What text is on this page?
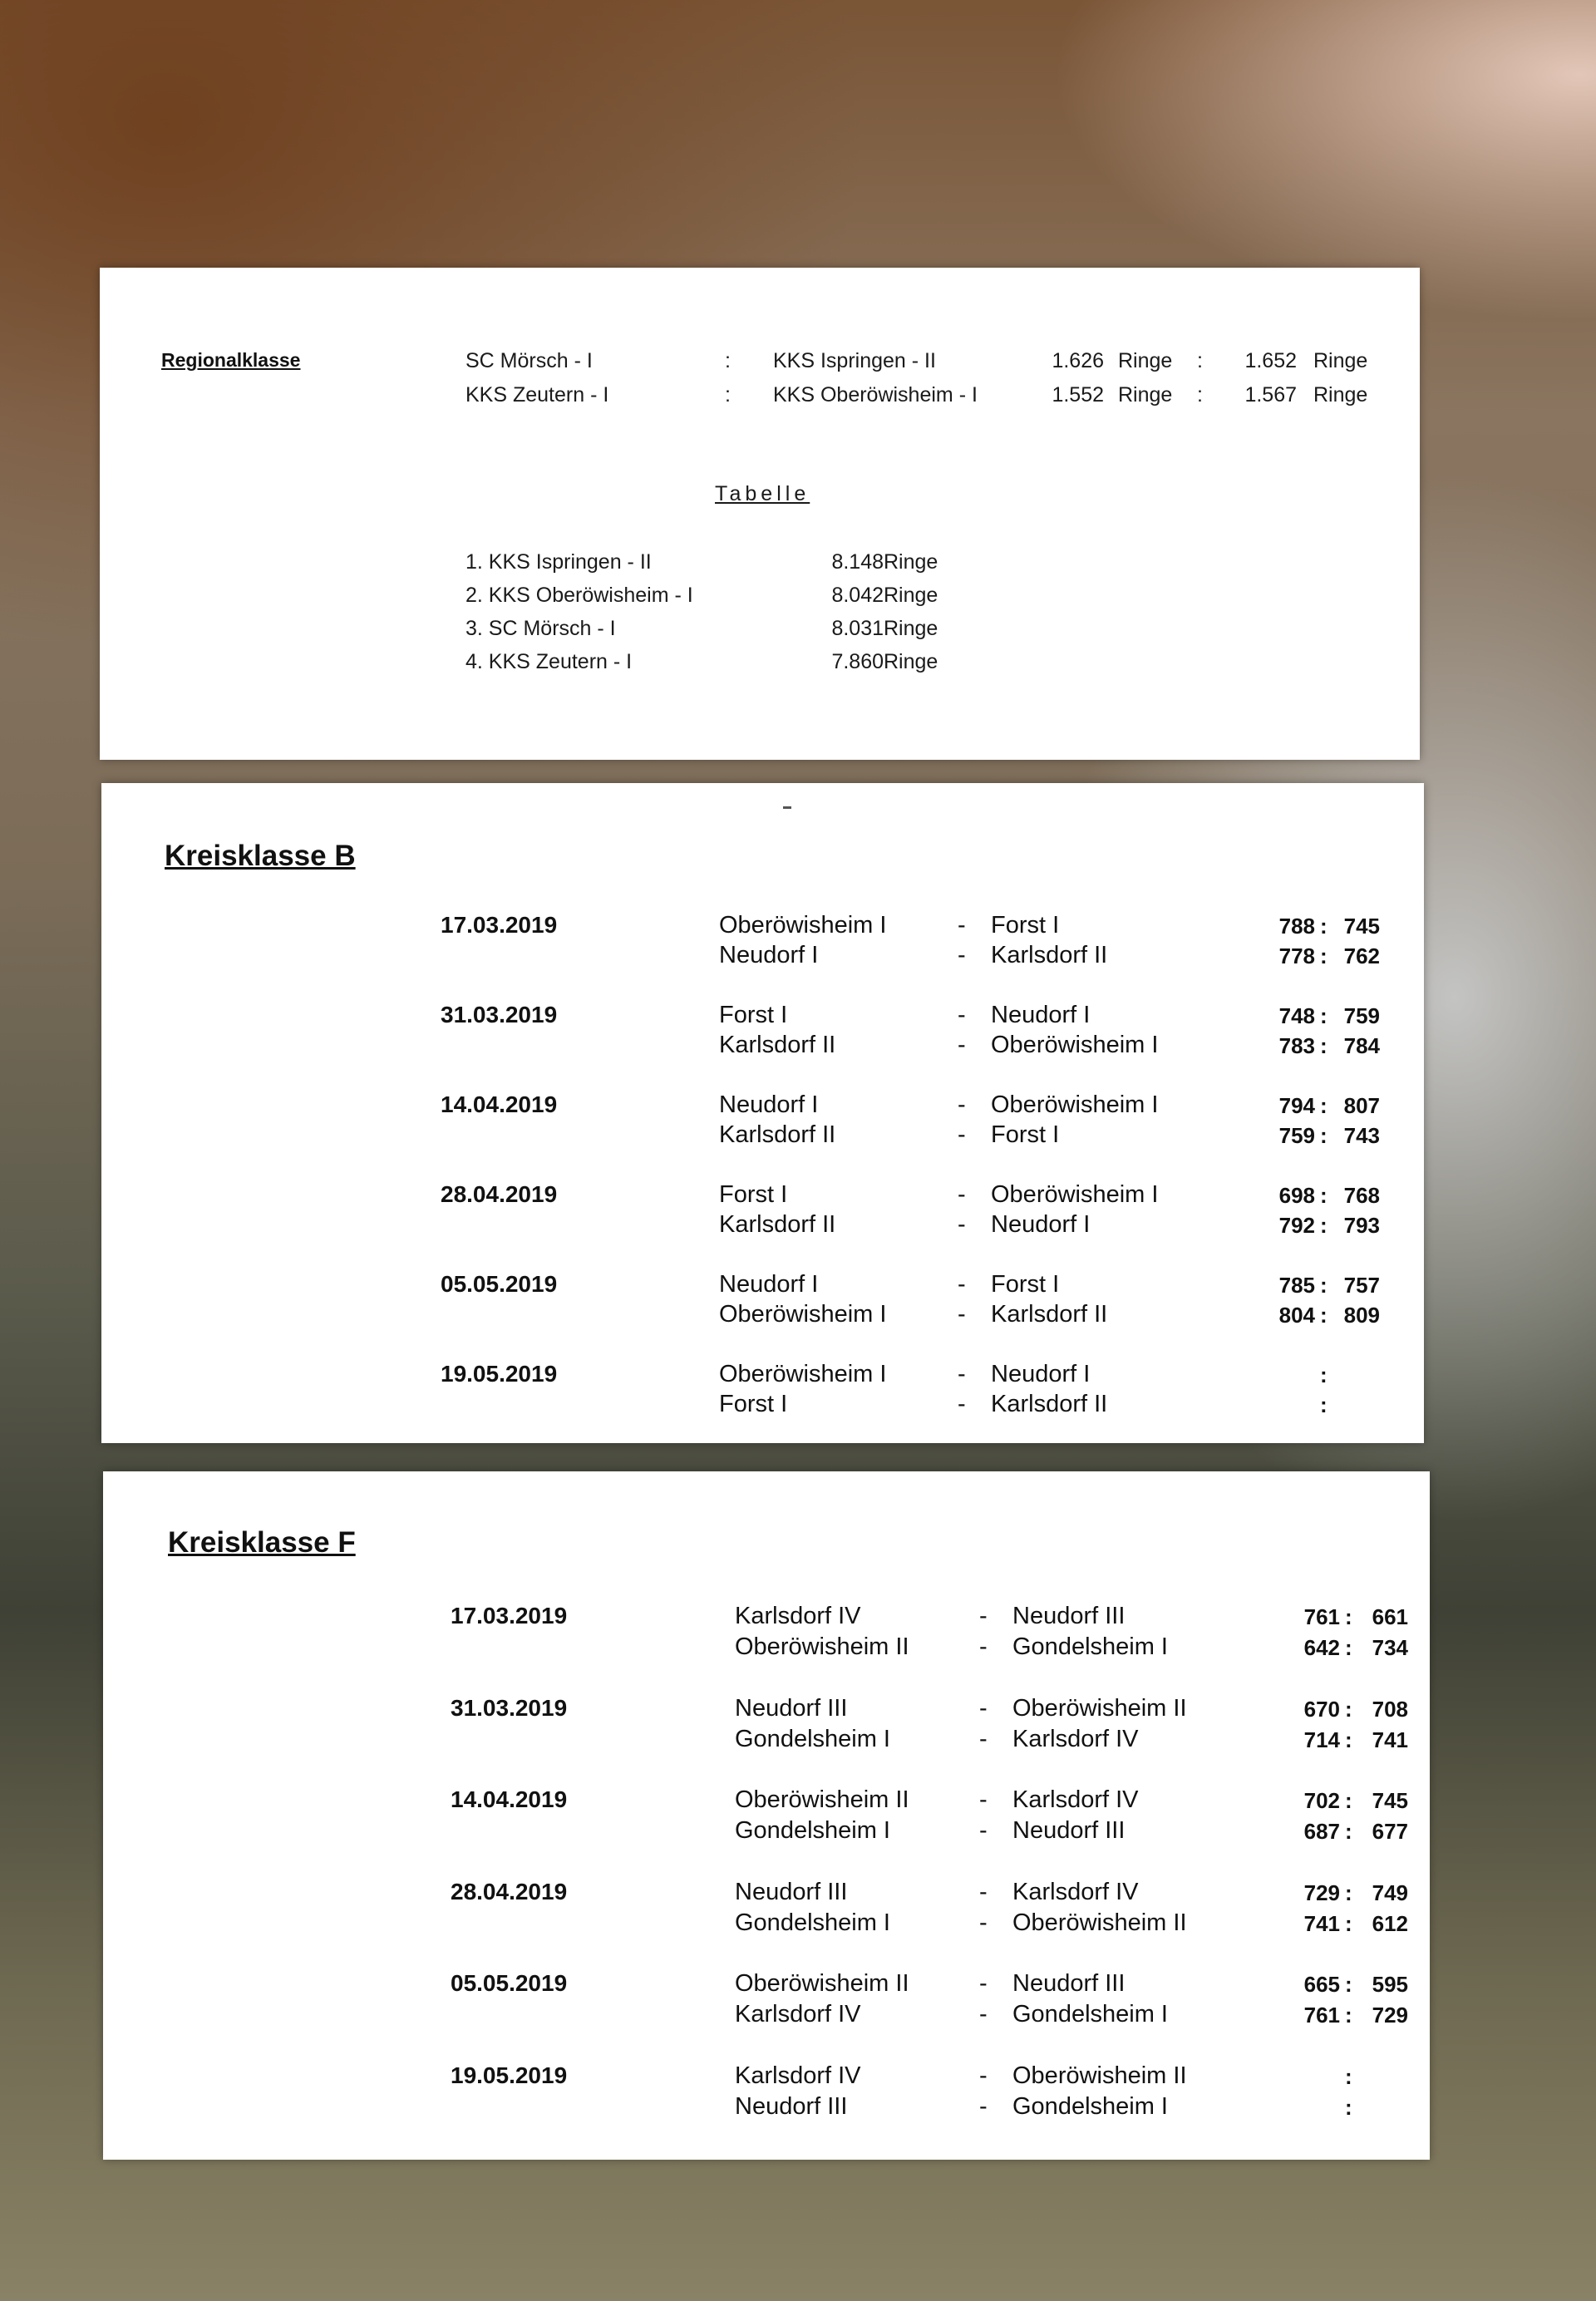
Regionalklasse	SC Mörsch - I	: KKS Ispringen - II	1.626 Ringe :	1.652 Ringe
KKS Zeutern - I	: KKS Oberöwisheim - I	1.552 Ringe :	1.567 Ringe
Tabelle
1. KKS Ispringen - II	8.148 Ringe
2. KKS Oberöwisheim - I	8.042 Ringe
3. SC Mörsch - I	8.031 Ringe
4. KKS Zeutern - I	7.860 Ringe
Kreisklasse B
17.03.2019	Oberöwisheim I	- Forst I	788 : 745
Neudorf I	- Karlsdorf II	778 : 762
31.03.2019	Forst I	- Neudorf I	748 : 759
Karlsdorf II	- Oberöwisheim I	783 : 784
14.04.2019	Neudorf I	- Oberöwisheim I	794 : 807
Karlsdorf II	- Forst I	759 : 743
28.04.2019	Forst I	- Oberöwisheim I	698 : 768
Karlsdorf II	- Neudorf I	792 : 793
05.05.2019	Neudorf I	- Forst I	785 : 757
Oberöwisheim I	- Karlsdorf II	804 : 809
19.05.2019	Oberöwisheim I	- Neudorf I	:
Forst I	- Karlsdorf II	:
Kreisklasse F
17.03.2019	Karlsdorf IV	- Neudorf III	761 : 661
Oberöwisheim II	- Gondelsheim I	642 : 734
31.03.2019	Neudorf III	- Oberöwisheim II	670 : 708
Gondelsheim I	- Karlsdorf IV	714 : 741
14.04.2019	Oberöwisheim II	- Karlsdorf IV	702 : 745
Gondelsheim I	- Neudorf III	687 : 677
28.04.2019	Neudorf III	- Karlsdorf IV	729 : 749
Gondelsheim I	- Oberöwisheim II	741 : 612
05.05.2019	Oberöwisheim II	- Neudorf III	665 : 595
Karlsdorf IV	- Gondelsheim I	761 : 729
19.05.2019	Karlsdorf IV	- Oberöwisheim II	:
Neudorf III	- Gondelsheim I	:
